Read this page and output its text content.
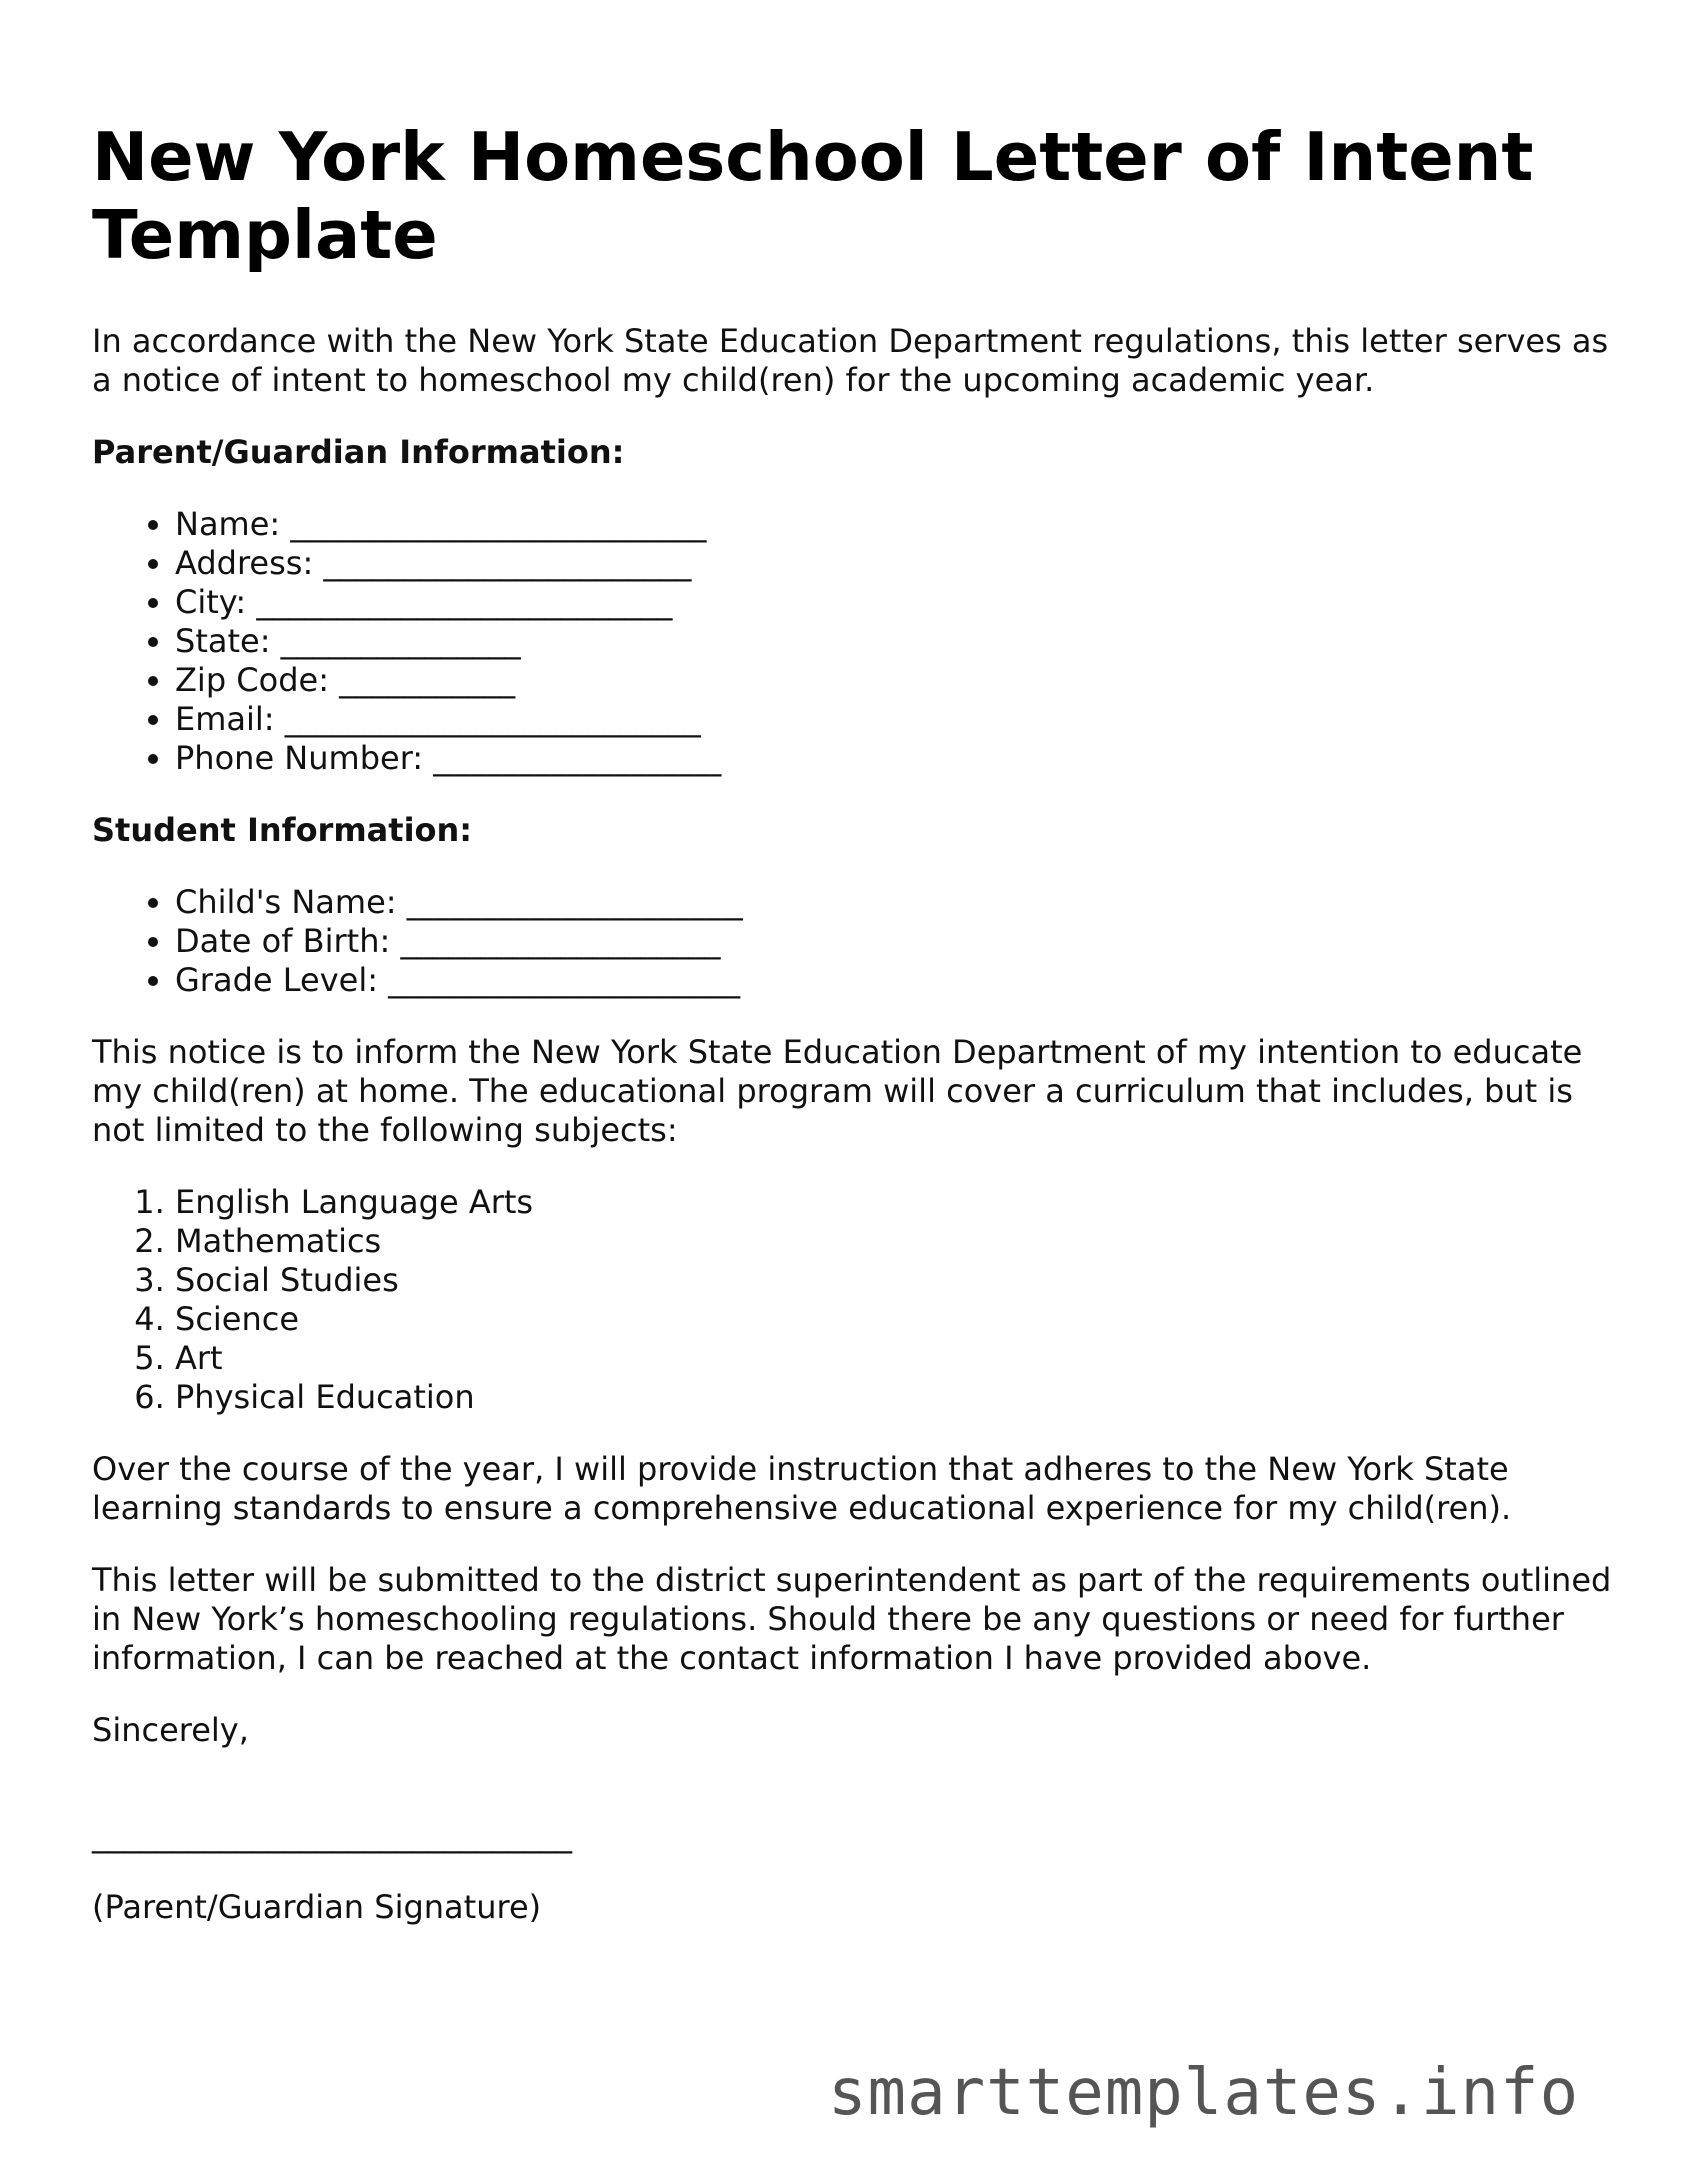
New York Homeschool Letter of Intent Template

In accordance with the New York State Education Department regulations, this letter serves as a notice of intent to homeschool my child(ren) for the upcoming academic year.

Parent/Guardian Information:
• Name: __________________________
• Address: _______________________
• City: __________________________
• State: _______________
• Zip Code: ___________
• Email: __________________________
• Phone Number: __________________
Student Information:
• Child's Name: _____________________
• Date of Birth: ____________________
• Grade Level: ______________________

This notice is to inform the New York State Education Department of my intention to educate my child(ren) at home. The educational program will cover a curriculum that includes, but is not limited to the following subjects:

1. English Language Arts
2. Mathematics
3. Social Studies
4. Science
5. Art
6. Physical Education

Over the course of the year, I will provide instruction that adheres to the New York State learning standards to ensure a comprehensive educational experience for my child(ren).

This letter will be submitted to the district superintendent as part of the requirements outlined in New York’s homeschooling regulations. Should there be any questions or need for further information, I can be reached at the contact information I have provided above.

Sincerely,

______________________________

(Parent/Guardian Signature)

smarttemplates.info
